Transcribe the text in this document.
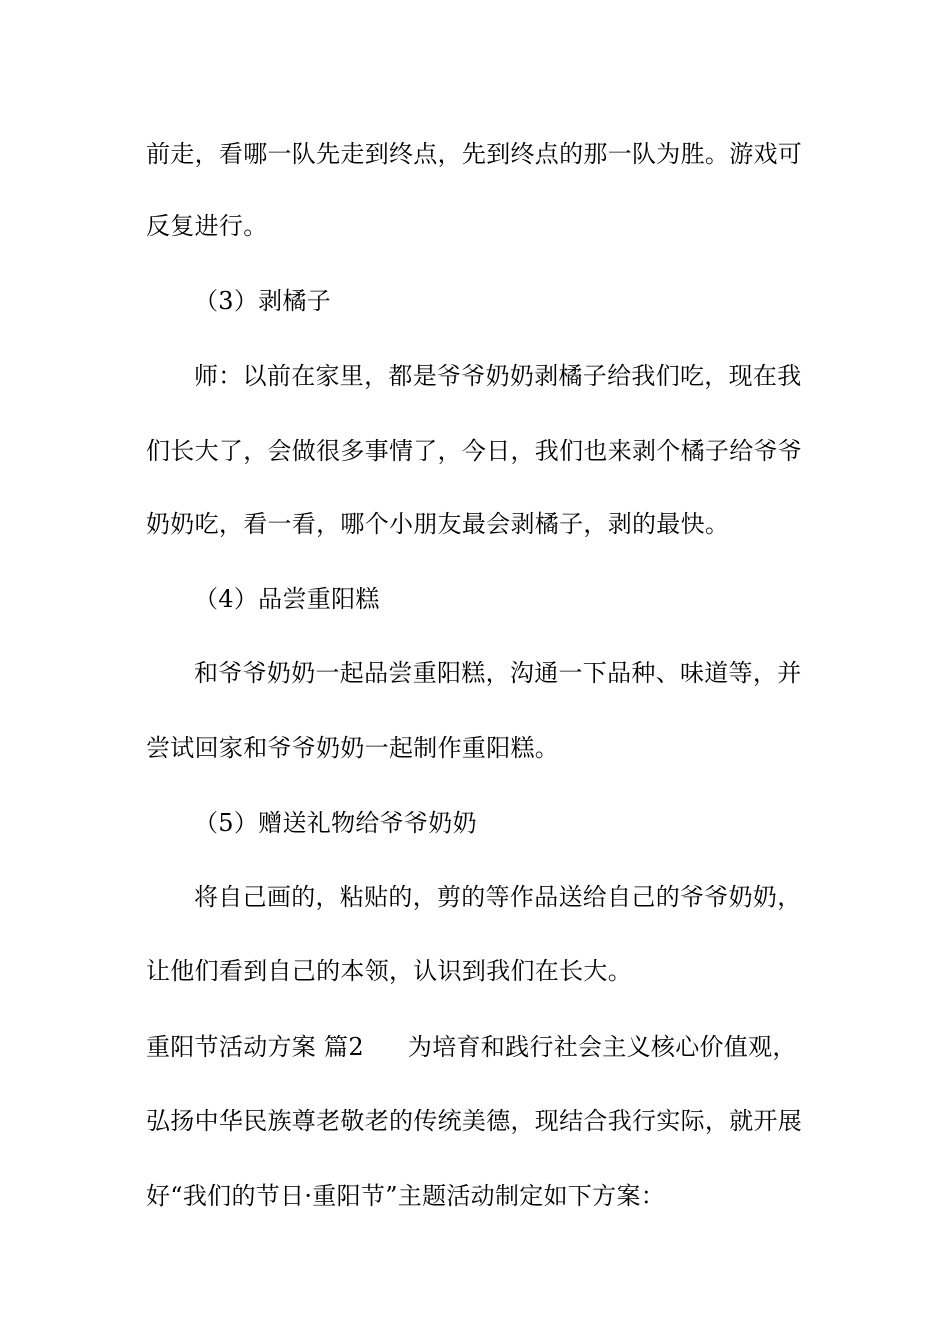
前走，看哪一队先走到终点，先到终点的那一队为胜。游戏可
反复进行。
（3）剥橘子
师：以前在家里，都是爷爷奶奶剥橘子给我们吃，现在我
们长大了，会做很多事情了，今日，我们也来剥个橘子给爷爷
奶奶吃，看一看，哪个小朋友最会剥橘子，剥的最快。
（4）品尝重阳糕
和爷爷奶奶一起品尝重阳糕，沟通一下品种、味道等，并
尝试回家和爷爷奶奶一起制作重阳糕。
（5）赠送礼物给爷爷奶奶
将自己画的，粘贴的，剪的等作品送给自己的爷爷奶奶，
让他们看到自己的本领，认识到我们在长大。
重阳节活动方案 篇2 为培育和践行社会主义核心价值观，
弘扬中华民族尊老敬老的传统美德，现结合我行实际，就开展
好“我们的节日·重阳节”主题活动制定如下方案：
